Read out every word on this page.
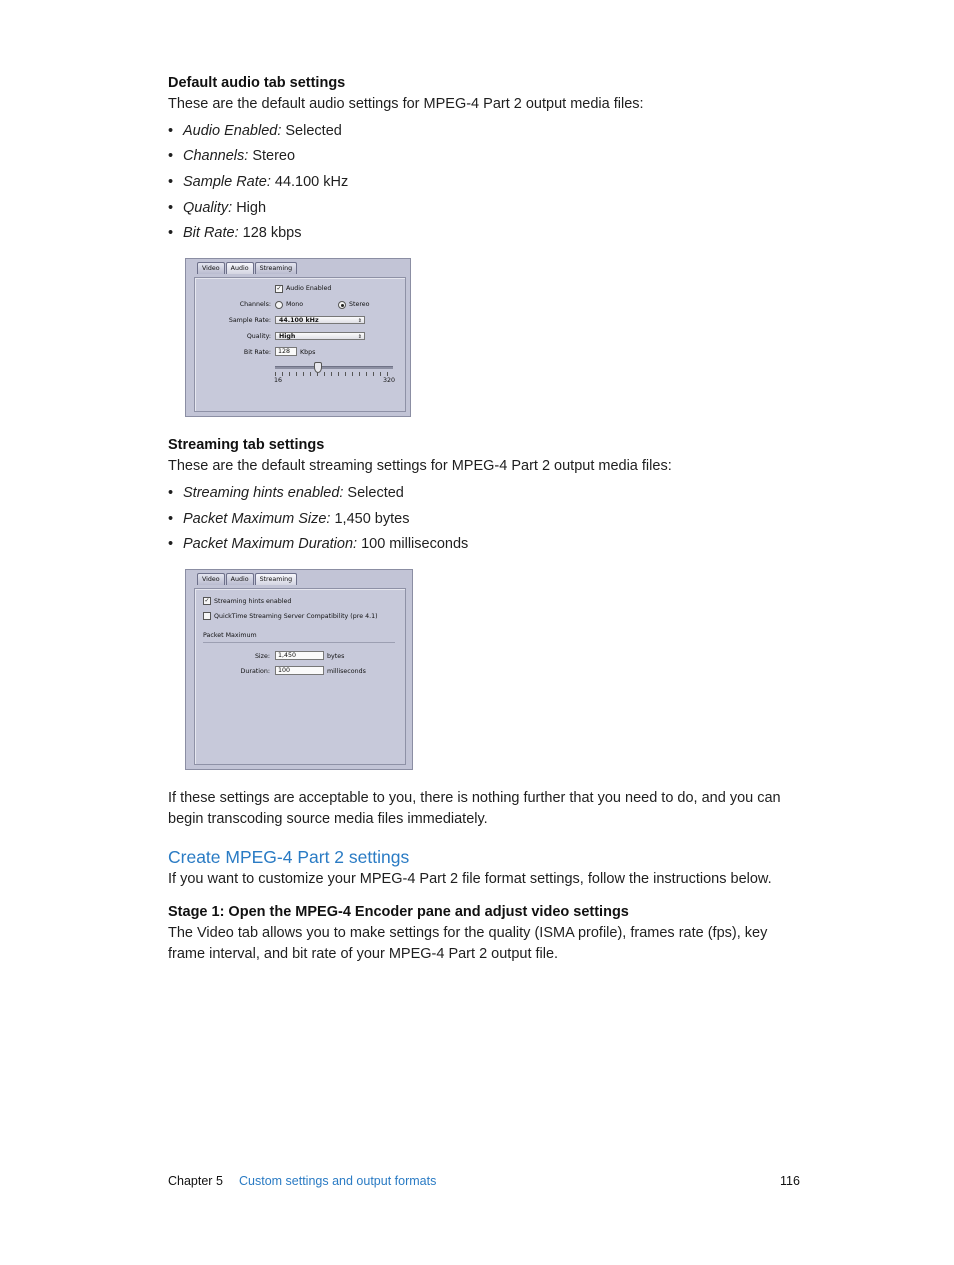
Default audio tab settings
These are the default audio settings for MPEG-4 Part 2 output media files:
• Audio Enabled: Selected
• Channels: Stereo
• Sample Rate: 44.100 kHz
• Quality: High
• Bit Rate: 128 kbps
Video	Audio	Streaming
✓ Audio Enabled
Channels: Mono	Stereo
Sample Rate:	44.100 kHz	⇕
Quality:	High	⇕
Bit Rate:	128	Kbps
16	320
Streaming tab settings
These are the default streaming settings for MPEG-4 Part 2 output media files:
• Streaming hints enabled: Selected
• Packet Maximum Size: 1,450 bytes
• Packet Maximum Duration: 100 milliseconds
Video	Audio	Streaming
✓ Streaming hints enabled
QuickTime Streaming Server Compatibility (pre 4.1)
Packet Maximum
Size:	1,450	bytes
Duration:	100	milliseconds
If these settings are acceptable to you, there is nothing further that you need to do, and you can
begin transcoding source media files immediately.
Create MPEG-4 Part 2 settings
If you want to customize your MPEG-4 Part 2 file format settings, follow the instructions below.
Stage 1: Open the MPEG-4 Encoder pane and adjust video settings
The Video tab allows you to make settings for the quality (ISMA profile), frames rate (fps), key
frame interval, and bit rate of your MPEG-4 Part 2 output file.
Chapter 5 Custom settings and output formats	116
